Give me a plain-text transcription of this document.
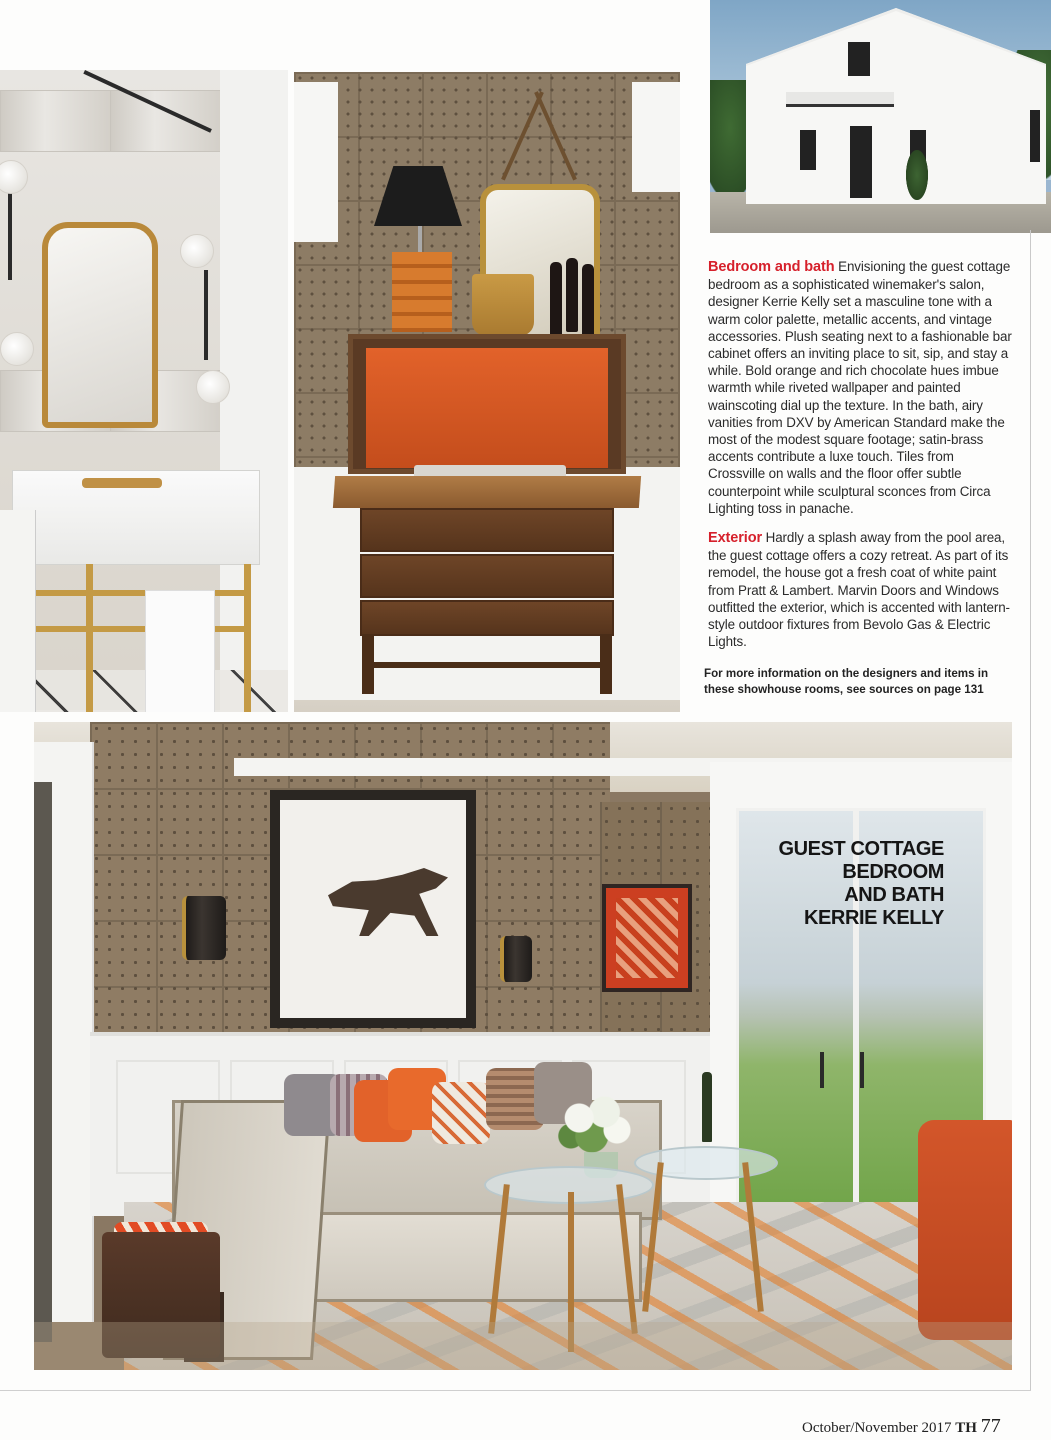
Bedroom and bath Envisioning the guest cottage bedroom as a sophisticated winemaker's salon, designer Kerrie Kelly set a masculine tone with a warm color palette, metallic accents, and vintage accessories. Plush seating next to a fashionable bar cabinet offers an inviting place to sit, sip, and stay a while. Bold orange and rich chocolate hues imbue warmth while riveted wallpaper and painted wainscoting dial up the texture. In the bath, airy vanities from DXV by American Standard make the most of the modest square footage; satin-brass accents contribute a luxe touch. Tiles from Crossville on walls and the floor offer subtle counterpoint while sculptural sconces from Circa Lighting toss in panache.

Exterior Hardly a splash away from the pool area, the guest cottage offers a cozy retreat. As part of its remodel, the house got a fresh coat of white paint from Pratt & Lambert. Marvin Doors and Windows outfitted the exterior, which is accented with lantern-style outdoor fixtures from Bevolo Gas & Electric Lights.

For more information on the designers and items in these showhouse rooms, see sources on page 131
GUEST COTTAGE
BEDROOM
AND BATH
KERRIE KELLY
October/November 2017 TH 77
